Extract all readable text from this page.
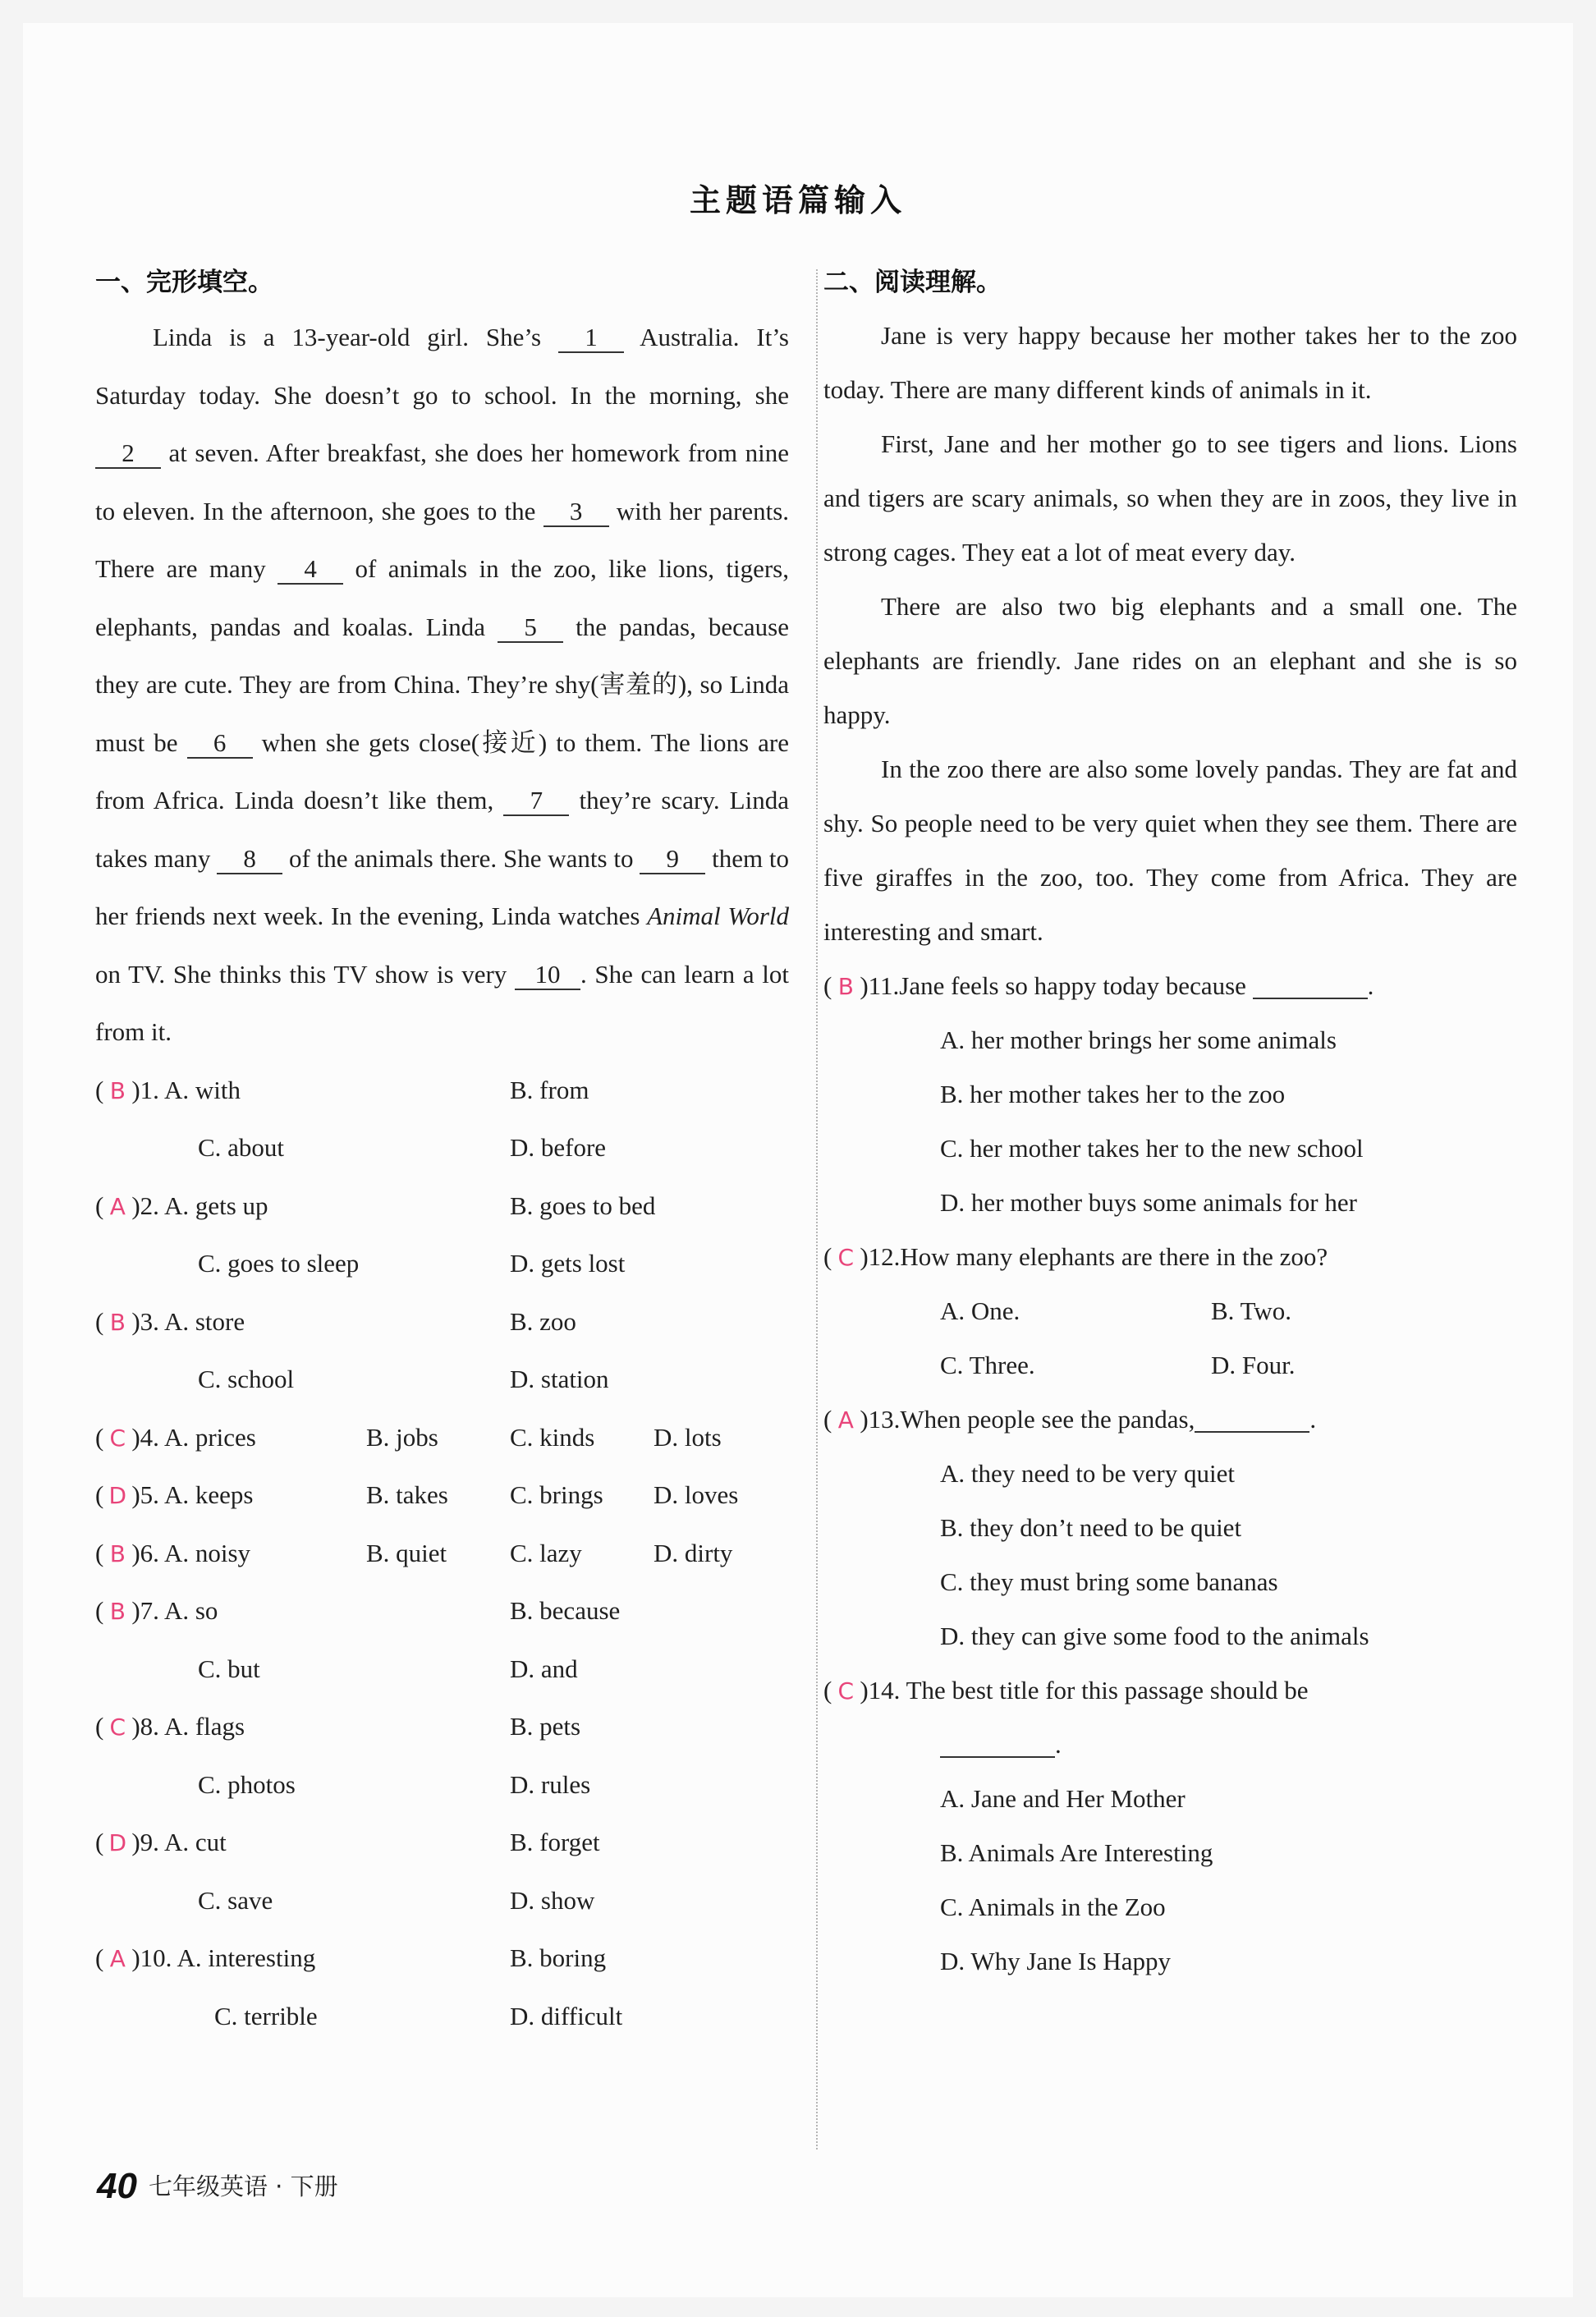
主题语篇输入
一、完形填空。

Linda is a 13-year-old girl. She’s 1 Australia. It’s Saturday today. She doesn’t go to school. In the morning, she 2 at seven. After breakfast, she does her homework from nine to eleven. In the afternoon, she goes to the 3 with her parents. There are many 4 of animals in the zoo, like lions, tigers, elephants, pandas and koalas. Linda 5 the pandas, because they are cute. They are from China. They’re shy(害羞的), so Linda must be 6 when she gets close(接近) to them. The lions are from Africa. Linda doesn’t like them, 7 they’re scary. Linda takes many 8 of the animals there. She wants to 9 them to her friends next week. In the evening, Linda watches Animal World on TV. She thinks this TV show is very 10 . She can learn a lot from it.

( B )1. A. with	B. from
C. about	D. before
( A )2. A. gets up	B. goes to bed
C. goes to sleep	D. gets lost
( B )3. A. store	B. zoo
C. school	D. station
( C )4. A. prices	B. jobs	C. kinds D. lots
( D )5. A. keeps	B. takes C. brings D. loves
( B )6. A. noisy	B. quiet C. lazy	D. dirty
( B )7. A. so	B. because
C. but	D. and
( C )8. A. flags	B. pets
C. photos	D. rules
( D )9. A. cut	B. forget
C. save	D. show
( A )10. A. interesting	B. boring
C. terrible	D. difficult
二、阅读理解。

Jane is very happy because her mother takes her to the zoo today. There are many different kinds of animals in it.

First, Jane and her mother go to see tigers and lions. Lions and tigers are scary animals, so when they are in zoos, they live in strong cages. They eat a lot of meat every day.

There are also two big elephants and a small one. The elephants are friendly. Jane rides on an elephant and she is so happy.

In the zoo there are also some lovely pandas. They are fat and shy. So people need to be very quiet when they see them. There are five giraffes in the zoo, too. They come from Africa. They are interesting and smart.

( B )11.Jane feels so happy today because	.
A. her mother brings her some animals
B. her mother takes her to the zoo
C. her mother takes her to the new school
D. her mother buys some animals for her
( C )12.How many elephants are there in the zoo?
A. One.	B. Two.
C. Three.	D. Four.
( A )13.When people see the pandas,	.
A. they need to be very quiet
B. they don’t need to be quiet
C. they must bring some bananas
D. they can give some food to the animals
( C )14. The best title for this passage should be
.
A. Jane and Her Mother
B. Animals Are Interesting
C. Animals in the Zoo
D. Why Jane Is Happy
40 七年级英语 · 下册
